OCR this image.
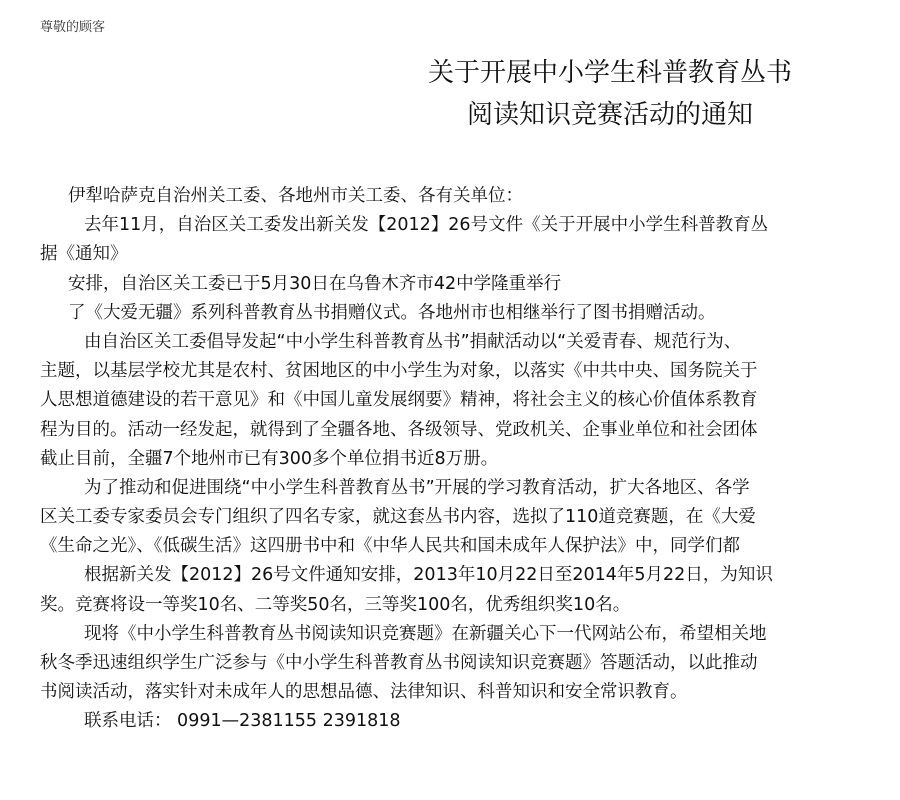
尊敬的顾客
关于开展中小学生科普教育丛书
阅读知识竞赛活动的通知
伊犁哈萨克自治州关工委、各地州市关工委、各有关单位：
去年11月，自治区关工委发出新关发【2012】26号文件《关于开展中小学生科普教育丛
据《通知》
安排，自治区关工委已于5月30日在乌鲁木齐市42中学隆重举行
了《大爱无疆》系列科普教育丛书捐赠仪式。各地州市也相继举行了图书捐赠活动。
由自治区关工委倡导发起“中小学生科普教育丛书”捐献活动以“关爱青春、规范行为、
主题，以基层学校尤其是农村、贫困地区的中小学生为对象，以落实《中共中央、国务院关于
人思想道德建设的若干意见》和《中国儿童发展纲要》精神，将社会主义的核心价值体系教育
程为目的。活动一经发起，就得到了全疆各地、各级领导、党政机关、企事业单位和社会团体
截止目前，全疆7个地州市已有300多个单位捐书近8万册。
为了推动和促进围绕“中小学生科普教育丛书”开展的学习教育活动，扩大各地区、各学
区关工委专家委员会专门组织了四名专家，就这套丛书内容，选拟了110道竞赛题，在《大爱
《生命之光》、《低碳生活》这四册书中和《中华人民共和国未成年人保护法》中，同学们都
根据新关发【2012】26号文件通知安排，2013年10月22日至2014年5月22日，为知识
奖。竞赛将设一等奖10名、二等奖50名，三等奖100名，优秀组织奖10名。
现将《中小学生科普教育丛书阅读知识竞赛题》在新疆关心下一代网站公布，希望相关地
秋冬季迅速组织学生广泛参与《中小学生科普教育丛书阅读知识竞赛题》答题活动，以此推动
书阅读活动，落实针对未成年人的思想品德、法律知识、科普知识和安全常识教育。
联系电话： 0991—2381155 2391818
